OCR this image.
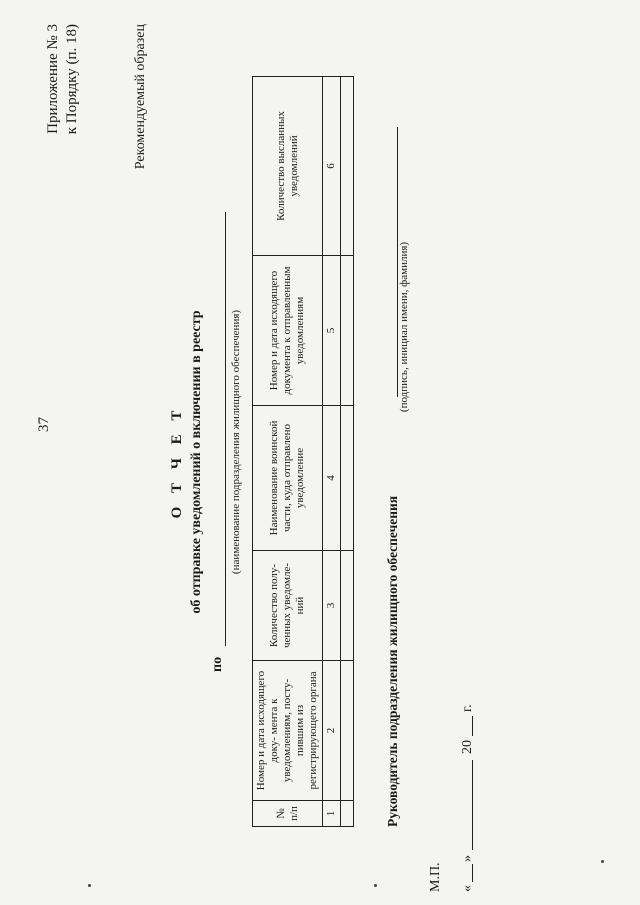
37
Приложение № 3 к Порядку (п. 18)	Рекомендуемый образец
О Т Ч Е Т об отправке уведомлений о включении в реестр
по
(наименование подразделения жилищного обеспечения)
№ п/п	Номер и дата исходящего доку- мента к уведомлениям, посту- пившим из регистрирующего органа	Количество полу- ченных уведомле- ний	Наименование воинской части, куда отправлено уведомление	Номер и дата исходящего документа к отправленным уведомлениям	Количество высланных уведомлений
1	2	3	4	5	6

Руководитель подразделения жилищного обеспечения
(подпись, инициал имени, фамилия)
М.П. «
»
20
г.
